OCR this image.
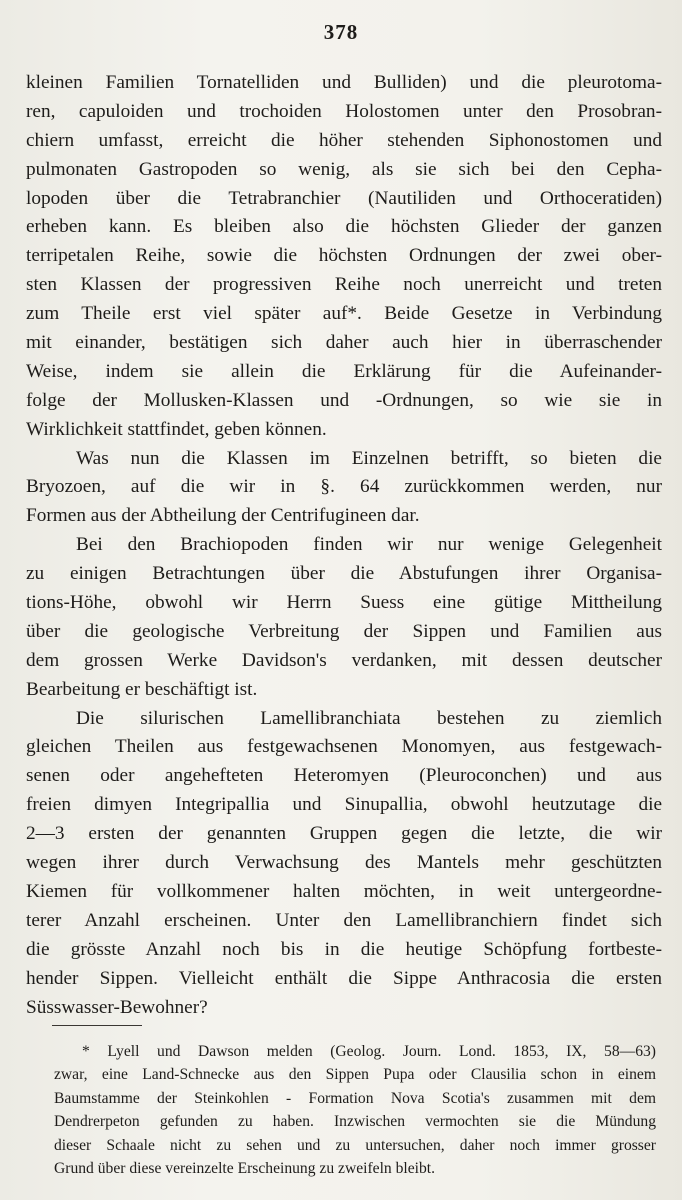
378
kleinen Familien Tornatelliden und Bulliden) und die pleurotoma-
ren, capuloiden und trochoiden Holostomen unter den Prosobran-
chiern umfasst, erreicht die höher stehenden Siphonostomen und
pulmonaten Gastropoden so wenig, als sie sich bei den Cepha-
lopoden über die Tetrabranchier (Nautiliden und Orthoceratiden)
erheben kann. Es bleiben also die höchsten Glieder der ganzen
terripetalen Reihe, sowie die höchsten Ordnungen der zwei ober-
sten Klassen der progressiven Reihe noch unerreicht und treten
zum Theile erst viel später auf*. Beide Gesetze in Verbindung
mit einander, bestätigen sich daher auch hier in überraschender
Weise, indem sie allein die Erklärung für die Aufeinander-
folge der Mollusken-Klassen und -Ordnungen, so wie sie in
Wirklichkeit stattfindet, geben können.
Was nun die Klassen im Einzelnen betrifft, so bieten die
Bryozoen, auf die wir in §. 64 zurückkommen werden, nur
Formen aus der Abtheilung der Centrifugineen dar.
Bei den Brachiopoden finden wir nur wenige Gelegenheit
zu einigen Betrachtungen über die Abstufungen ihrer Organisa-
tions-Höhe, obwohl wir Herrn Suess eine gütige Mittheilung
über die geologische Verbreitung der Sippen und Familien aus
dem grossen Werke Davidson's verdanken, mit dessen deutscher
Bearbeitung er beschäftigt ist.
Die silurischen Lamellibranchiata bestehen zu ziemlich
gleichen Theilen aus festgewachsenen Monomyen, aus festgewach-
senen oder angehefteten Heteromyen (Pleuroconchen) und aus
freien dimyen Integripallia und Sinupallia, obwohl heutzutage die
2—3 ersten der genannten Gruppen gegen die letzte, die wir
wegen ihrer durch Verwachsung des Mantels mehr geschützten
Kiemen für vollkommener halten möchten, in weit untergeordne-
terer Anzahl erscheinen. Unter den Lamellibranchiern findet sich
die grösste Anzahl noch bis in die heutige Schöpfung fortbeste-
hender Sippen. Vielleicht enthält die Sippe Anthracosia die ersten
Süsswasser-Bewohner?
* Lyell und Dawson melden (Geolog. Journ. Lond. 1853, IX, 58—63)
zwar, eine Land-Schnecke aus den Sippen Pupa oder Clausilia schon in einem
Baumstamme der Steinkohlen - Formation Nova Scotia's zusammen mit dem
Dendrerpeton gefunden zu haben. Inzwischen vermochten sie die Mündung
dieser Schaale nicht zu sehen und zu untersuchen, daher noch immer grosser
Grund über diese vereinzelte Erscheinung zu zweifeln bleibt.
